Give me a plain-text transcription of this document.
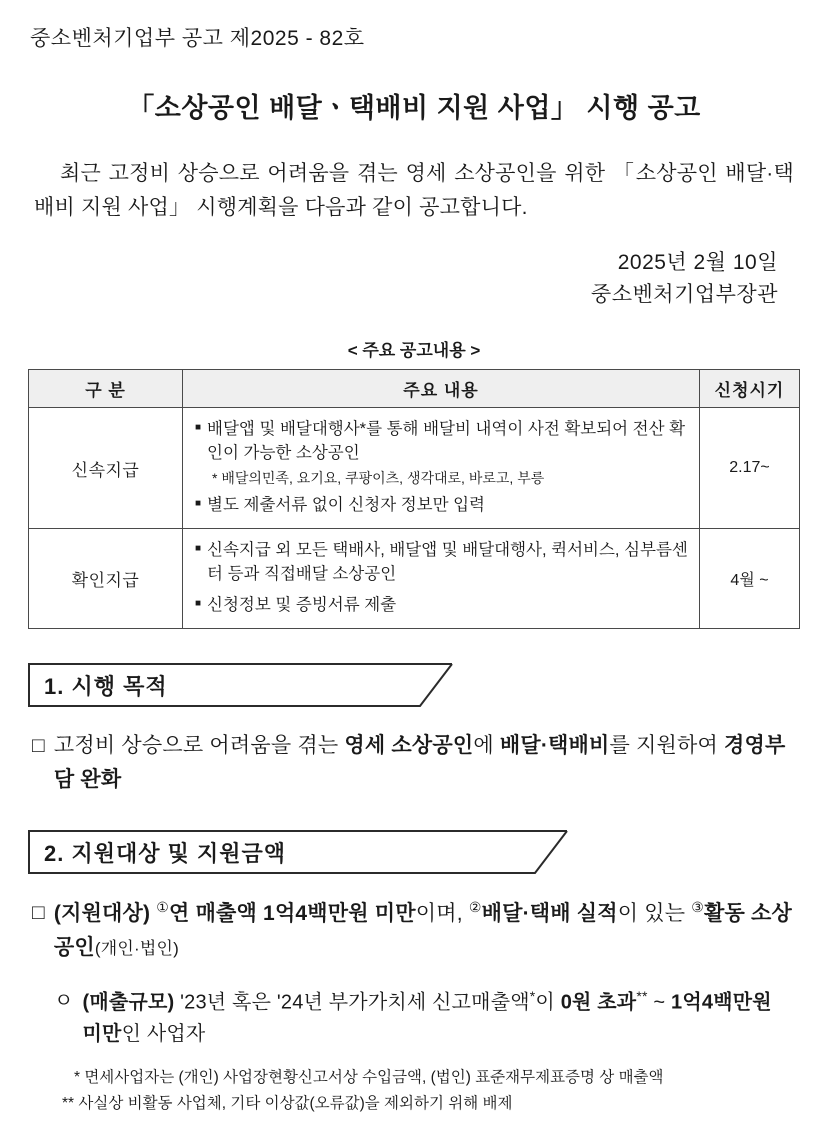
중소벤처기업부 공고 제2025 - 82호
「소상공인 배달ㆍ택배비 지원 사업」 시행 공고
최근 고정비 상승으로 어려움을 겪는 영세 소상공인을 위한 「소상공인 배달·택배비 지원 사업」 시행계획을 다음과 같이 공고합니다.
2025년 2월 10일
중소벤처기업부장관
< 주요 공고내용 >
구 분	주요 내용	신청시기
신속지급	■ 배달앱 및 배달대행사*를 통해 배달비 내역이 사전 확보되어 전산 확인이 가능한 소상공인
* 배달의민족, 요기요, 쿠팡이츠, 생각대로, 바로고, 부릉
■ 별도 제출서류 없이 신청자 정보만 입력	2.17~
확인지급	■ 신속지급 외 모든 택배사, 배달앱 및 배달대행사, 퀵서비스, 심부름센터 등과 직접배달 소상공인
■ 신청정보 및 증빙서류 제출	4월 ~
1. 시행 목적
□ 고정비 상승으로 어려움을 겪는 영세 소상공인에 배달·택배비를 지원하여 경영부담 완화
2. 지원대상 및 지원금액
□ (지원대상) ①연 매출액 1억4백만원 미만이며, ②배달·택배 실적이 있는 ③활동 소상공인(개인·법인)
ㅇ (매출규모) '23년 혹은 '24년 부가가치세 신고매출액*이 0원 초과** ~ 1억4백만원 미만인 사업자
* 면세사업자는 (개인) 사업장현황신고서상 수입금액, (법인) 표준재무제표증명 상 매출액
** 사실상 비활동 사업체, 기타 이상값(오류값)을 제외하기 위해 배제
